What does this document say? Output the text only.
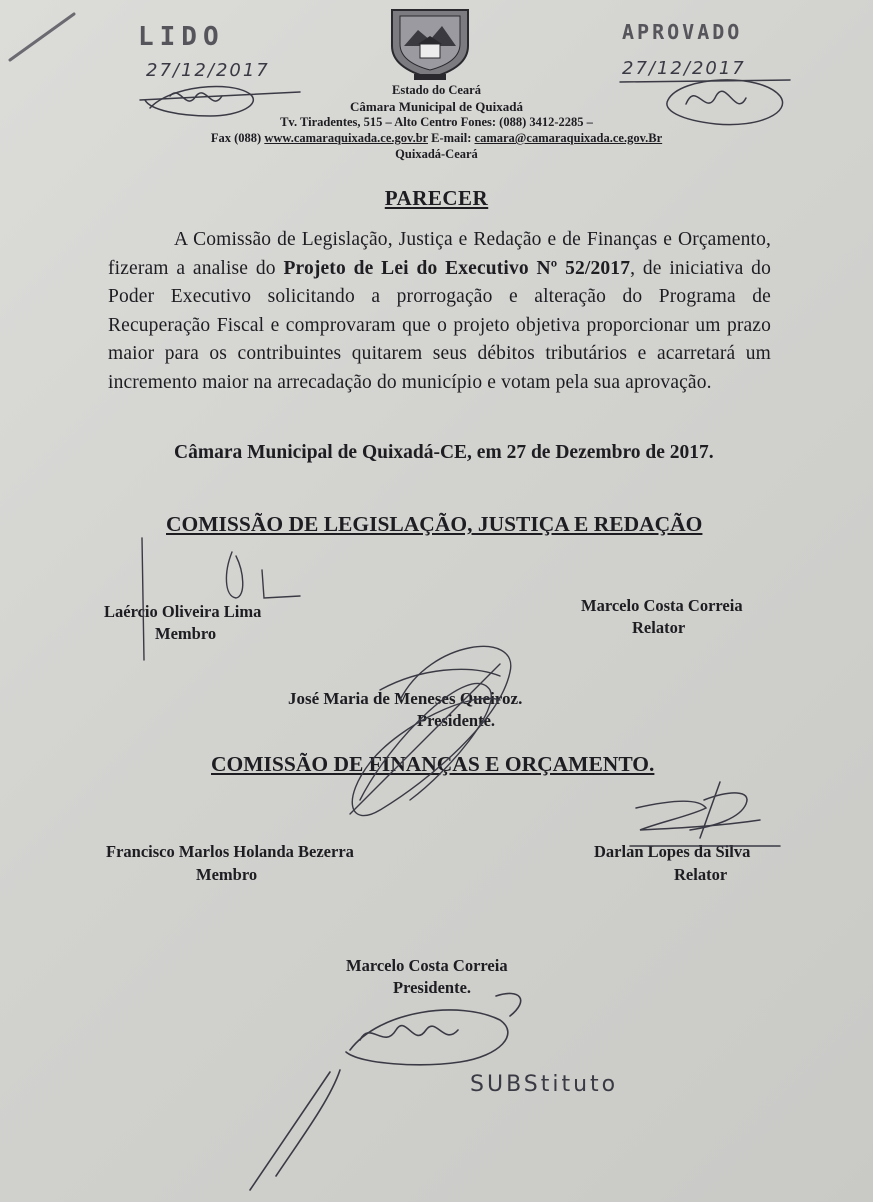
LIDO	APROVADO
27/12/2017	27/12/2017
Estado do Ceará
Câmara Municipal de Quixadá
Tv. Tiradentes, 515 – Alto Centro Fones: (088) 3412-2285 –
Fax (088) www.camaraquixada.ce.gov.br E-mail: camara@camaraquixada.ce.gov.Br
Quixadá-Ceará
PARECER
A Comissão de Legislação, Justiça e Redação e de Finanças e Orçamento, fizeram a analise do Projeto de Lei do Executivo Nº 52/2017, de iniciativa do Poder Executivo solicitando a prorrogação e alteração do Programa de Recuperação Fiscal e comprovaram que o projeto objetiva proporcionar um prazo maior para os contribuintes quitarem seus débitos tributários e acarretará um incremento maior na arrecadação do município e votam pela sua aprovação.
Câmara Municipal de Quixadá-CE, em 27 de Dezembro de 2017.
COMISSÃO DE LEGISLAÇÃO, JUSTIÇA E REDAÇÃO
Laércio Oliveira Lima
Membro
Marcelo Costa Correia
Relator
José Maria de Meneses Queiroz.
Presidente.
COMISSÃO DE FINANÇAS E ORÇAMENTO.
Francisco Marlos Holanda Bezerra
Membro
Darlan Lopes da Silva
Relator
Marcelo Costa Correia
Presidente.
SUBStituto
